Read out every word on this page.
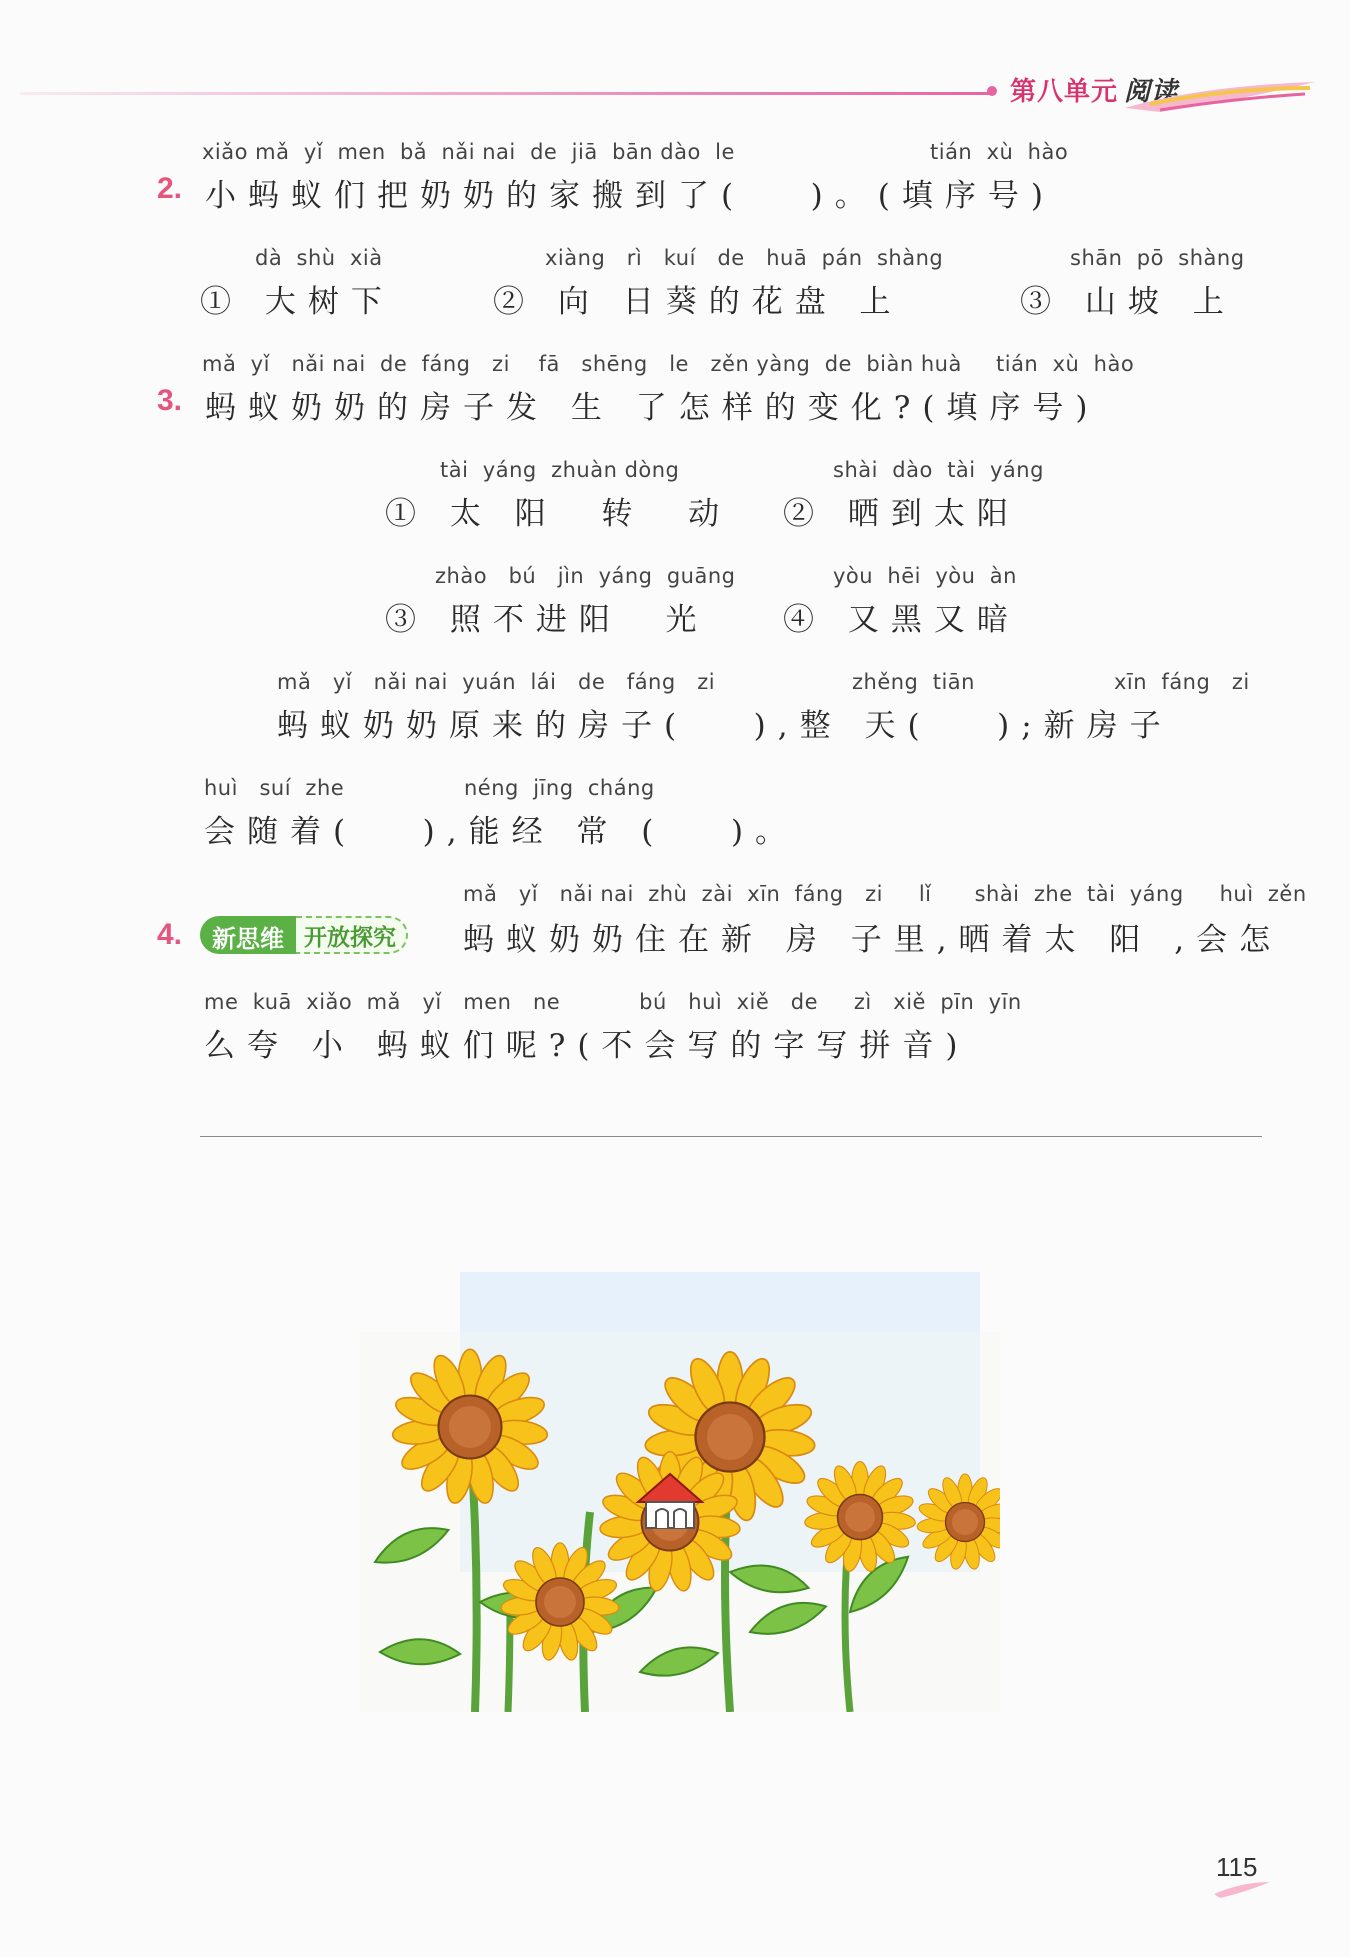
第八单元 阅读
xiǎo mǎ  yǐ  men  bǎ  nǎi nai  de  jiā  bān dào  le	tián  xù  hào
2. 小蚂蚁们把奶奶的家搬到了(   )。(填序号)
dà  shù  xià
① 大树下
xiàng   rì   kuí   de   huā  pán  shàng
② 向 日葵的花盘 上
shān  pō  shàng
③ 山坡 上
mǎ  yǐ   nǎi nai  de  fáng   zi    fā   shēng   le   zěn yàng  de  biàn huà tián  xù  hào
3. 蚂蚁奶奶的房子发 生 了怎样的变化?(填序号)
tài  yáng  zhuàn dòng
① 太 阳  转  动
shài  dào  tài  yáng
② 晒到太阳
zhào   bú   jìn  yáng  guāng
③ 照不进阳  光
yòu  hēi  yòu  àn
④ 又黑又暗
mǎ   yǐ   nǎi nai  yuán  lái   de   fáng   zi	zhěng  tiān	xīn  fáng   zi
蚂蚁奶奶原来的房子(   ),整 天(   );新房子
huì   suí  zhe	néng  jīng  cháng
会随着(   ),能经 常 (   )。
mǎ   yǐ   nǎi nai  zhù  zài  xīn  fáng   zi     lǐ      shài  zhe  tài  yáng     huì  zěn
4.	新思维 开放探究	蚂蚁奶奶住在新 房 子里,晒着太 阳 ,会怎
me  kuā  xiǎo  mǎ   yǐ   men   ne           bú   huì  xiě   de     zì   xiě  pīn  yīn
么夸 小 蚂蚁们呢?(不会写的字写拼音)
115
